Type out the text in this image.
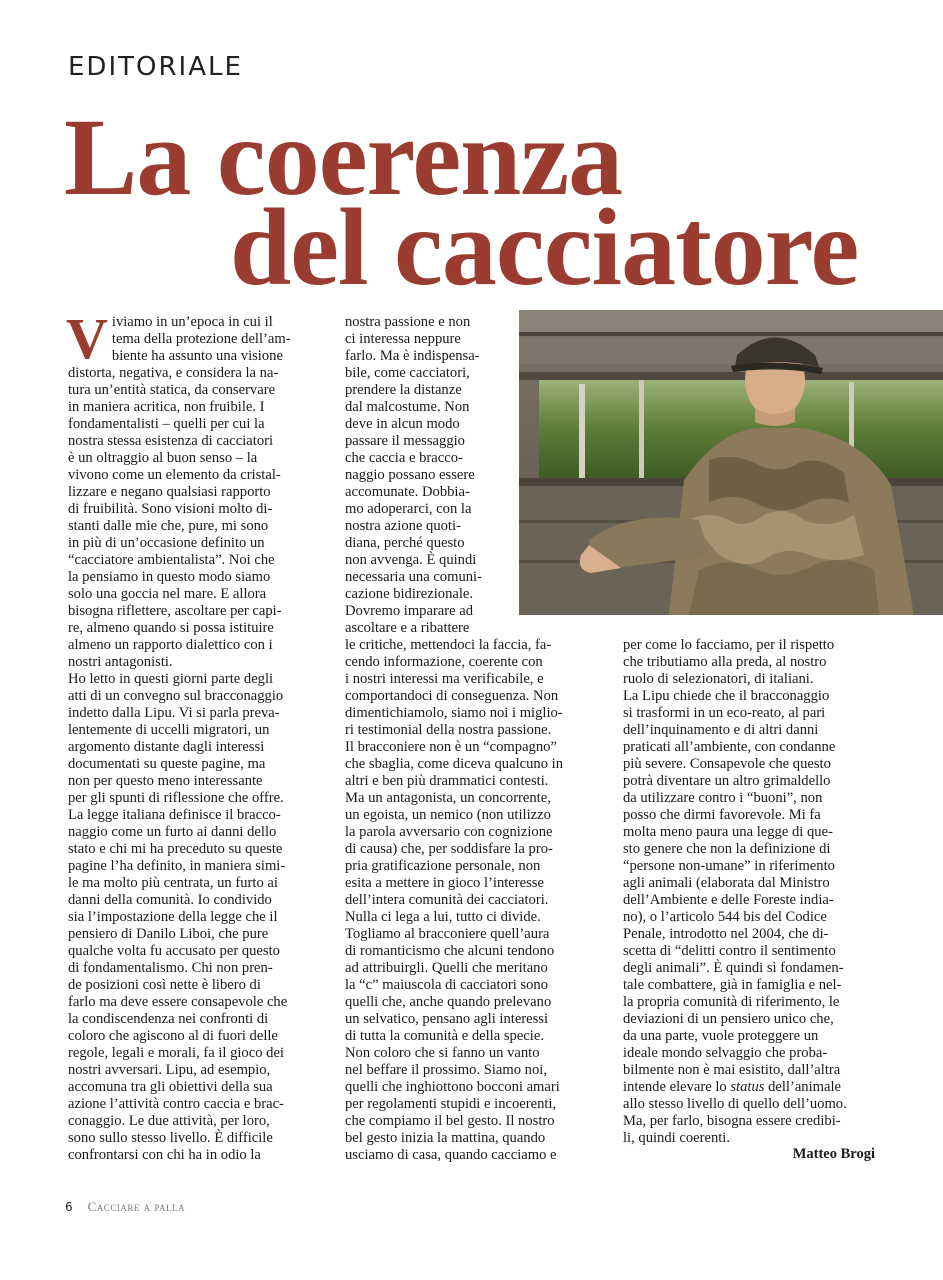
EDITORIALE
La coerenza
del cacciatore
V iviamo in un’epoca in cui il
tema della protezione dell’am-
biente ha assunto una visione
distorta, negativa, e considera la na-
tura un’entità statica, da conservare
in maniera acritica, non fruibile. I
fondamentalisti – quelli per cui la
nostra stessa esistenza di cacciatori
è un oltraggio al buon senso – la
vivono come un elemento da cristal-
lizzare e negano qualsiasi rapporto
di fruibilità. Sono visioni molto di-
stanti dalle mie che, pure, mi sono
in più di un’occasione definito un
“cacciatore ambientalista”. Noi che
la pensiamo in questo modo siamo
solo una goccia nel mare. E allora
bisogna riflettere, ascoltare per capi-
re, almeno quando si possa istituire
almeno un rapporto dialettico con i
nostri antagonisti.
Ho letto in questi giorni parte degli
atti di un convegno sul bracconaggio
indetto dalla Lipu. Vi si parla preva-
lentemente di uccelli migratori, un
argomento distante dagli interessi
documentati su queste pagine, ma
non per questo meno interessante
per gli spunti di riflessione che offre.
La legge italiana definisce il bracco-
naggio come un furto ai danni dello
stato e chi mi ha preceduto su queste
pagine l’ha definito, in maniera simi-
le ma molto più centrata, un furto ai
danni della comunità. Io condivido
sia l’impostazione della legge che il
pensiero di Danilo Liboi, che pure
qualche volta fu accusato per questo
di fondamentalismo. Chi non pren-
de posizioni così nette è libero di
farlo ma deve essere consapevole che
la condiscendenza nei confronti di
coloro che agiscono al di fuori delle
regole, legali e morali, fa il gioco dei
nostri avversari. Lipu, ad esempio,
accomuna tra gli obiettivi della sua
azione l’attività contro caccia e brac-
conaggio. Le due attività, per loro,
sono sullo stesso livello. È difficile
confrontarsi con chi ha in odio la

nostra passione e non
ci interessa neppure
farlo. Ma è indispensa-
bile, come cacciatori,
prendere la distanze
dal malcostume. Non
deve in alcun modo
passare il messaggio
che caccia e bracco-
naggio possano essere
accomunate. Dobbia-
mo adoperarci, con la
nostra azione quoti-
diana, perché questo
non avvenga. È quindi
necessaria una comuni-
cazione bidirezionale.
Dovremo imparare ad
ascoltare e a ribattere
le critiche, mettendoci la faccia, fa-
cendo informazione, coerente con
i nostri interessi ma verificabile, e
comportandoci di conseguenza. Non
dimentichiamolo, siamo noi i miglio-
ri testimonial della nostra passione.
Il bracconiere non è un “compagno”
che sbaglia, come diceva qualcuno in
altri e ben più drammatici contesti.
Ma un antagonista, un concorrente,
un egoista, un nemico (non utilizzo
la parola avversario con cognizione
di causa) che, per soddisfare la pro-
pria gratificazione personale, non
esita a mettere in gioco l’interesse
dell’intera comunità dei cacciatori.
Nulla ci lega a lui, tutto ci divide.
Togliamo al bracconiere quell’aura
di romanticismo che alcuni tendono
ad attribuirgli. Quelli che meritano
la “c” maiuscola di cacciatori sono
quelli che, anche quando prelevano
un selvatico, pensano agli interessi
di tutta la comunità e della specie.
Non coloro che si fanno un vanto
nel beffare il prossimo. Siamo noi,
quelli che inghiottono bocconi amari
per regolamenti stupidi e incoerenti,
che compiamo il bel gesto. Il nostro
bel gesto inizia la mattina, quando
usciamo di casa, quando cacciamo e

per come lo facciamo, per il rispetto
che tributiamo alla preda, al nostro
ruolo di selezionatori, di italiani.
La Lipu chiede che il bracconaggio
si trasformi in un eco-reato, al pari
dell’inquinamento e di altri danni
praticati all’ambiente, con condanne
più severe. Consapevole che questo
potrà diventare un altro grimaldello
da utilizzare contro i “buoni”, non
posso che dirmi favorevole. Mi fa
molta meno paura una legge di que-
sto genere che non la definizione di
“persone non-umane” in riferimento
agli animali (elaborata dal Ministro
dell’Ambiente e delle Foreste india-
no), o l’articolo 544 bis del Codice
Penale, introdotto nel 2004, che di-
scetta di “delitti contro il sentimento
degli animali”. È quindi sì fondamen-
tale combattere, già in famiglia e nel-
la propria comunità di riferimento, le
deviazioni di un pensiero unico che,
da una parte, vuole proteggere un
ideale mondo selvaggio che proba-
bilmente non è mai esistito, dall’altra
intende elevare lo status dell’animale
allo stesso livello di quello dell’uomo.
Ma, per farlo, bisogna essere credibi-
li, quindi coerenti.

Matteo Brogi

6 Cacciare a palla
